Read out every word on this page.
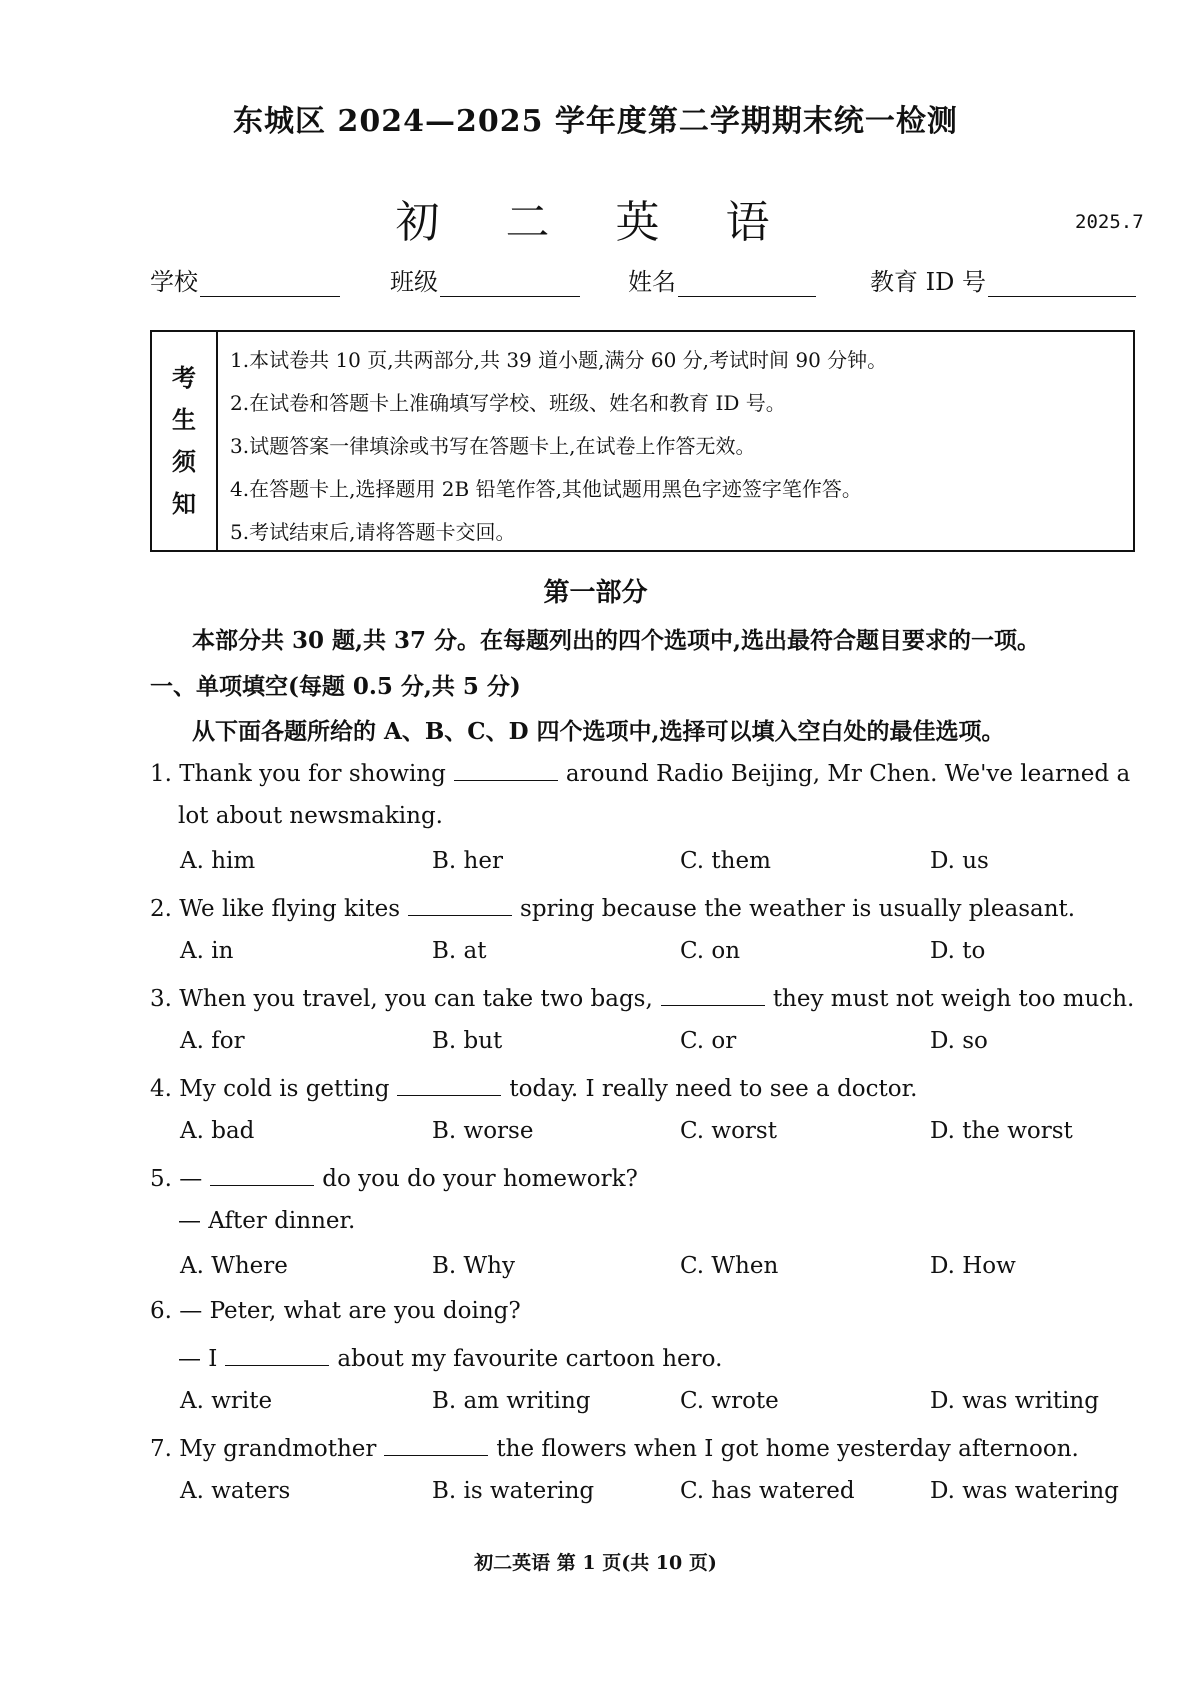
东城区 2024—2025 学年度第二学期期末统一检测
初 二 英 语	2025.7
学校	班级	姓名	教育 ID 号
考
生
须
知
1.本试卷共 10 页,共两部分,共 39 道小题,满分 60 分,考试时间 90 分钟。
2.在试卷和答题卡上准确填写学校、班级、姓名和教育 ID 号。
3.试题答案一律填涂或书写在答题卡上,在试卷上作答无效。
4.在答题卡上,选择题用 2B 铅笔作答,其他试题用黑色字迹签字笔作答。
5.考试结束后,请将答题卡交回。
第一部分
本部分共 30 题,共 37 分。在每题列出的四个选项中,选出最符合题目要求的一项。
一、单项填空(每题 0.5 分,共 5 分)
从下面各题所给的 A、B、C、D 四个选项中,选择可以填入空白处的最佳选项。
1. Thank you for showing	around Radio Beijing, Mr Chen. We've learned a
lot about newsmaking.
A. him	B. her	C. them	D. us
2. We like flying kites	spring because the weather is usually pleasant.
A. in	B. at	C. on	D. to
3. When you travel, you can take two bags,	they must not weigh too much.
A. for	B. but	C. or	D. so
4. My cold is getting	today. I really need to see a doctor.
A. bad	B. worse	C. worst	D. the worst
5. —	do you do your homework?
— After dinner.
A. Where	B. Why	C. When	D. How
6. — Peter, what are you doing?
— I	about my favourite cartoon hero.
A. write	B. am writing	C. wrote	D. was writing
7. My grandmother	the flowers when I got home yesterday afternoon.
A. waters	B. is watering	C. has watered	D. was watering
初二英语 第 1 页(共 10 页)
